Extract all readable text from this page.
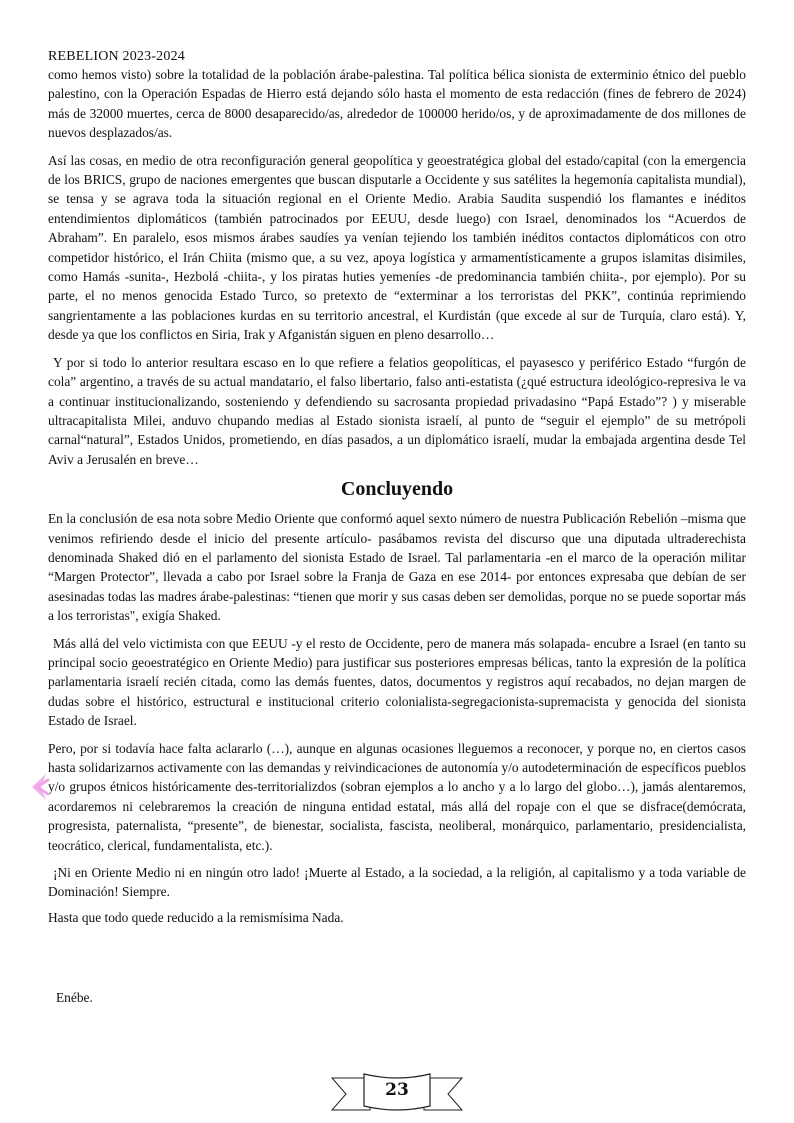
REBELION 2023-2024

como hemos visto) sobre la totalidad de la población árabe-palestina. Tal política bélica sionista de exterminio étnico del pueblo palestino, con la Operación Espadas de Hierro está dejando sólo hasta el momento de esta redacción (fines de febrero de 2024) más de 32000 muertes, cerca de 8000 desaparecido/as, alrededor de 100000 herido/os, y de aproximadamente de dos millones de nuevos desplazados/as.

Así las cosas, en medio de otra reconfiguración general geopolítica y geoestratégica global del estado/capital (con la emergencia de los BRICS, grupo de naciones emergentes que buscan disputarle a Occidente y sus satélites la hegemonía capitalista mundial), se tensa y se agrava toda la situación regional en el Oriente Medio. Arabia Saudita suspendió los flamantes e inéditos entendimientos diplomáticos (también patrocinados por EEUU, desde luego) con Israel, denominados los “Acuerdos de Abraham”. En paralelo, esos mismos árabes saudíes ya venían tejiendo los también inéditos contactos diplomáticos con otro competidor histórico, el Irán Chiita (mismo que, a su vez, apoya logística y armamentísticamente a grupos islamitas disimiles, como Hamás -sunita-, Hezbolá -chiita-, y los piratas huties yemeníes -de predominancia también chiita-, por ejemplo). Por su parte, el no menos genocida Estado Turco, so pretexto de “exterminar a los terroristas del PKK”, continúa reprimiendo sangrientamente a las poblaciones kurdas en su territorio ancestral, el Kurdistán (que excede al sur de Turquía, claro está). Y, desde ya que los conflictos en Siria, Irak y Afganistán siguen en pleno desarrollo…

Y por si todo lo anterior resultara escaso en lo que refiere a felatios geopolíticas, el payasesco y periférico Estado “furgón de cola” argentino, a través de su actual mandatario, el falso libertario, falso anti-estatista (¿qué estructura ideológico-represiva le va a continuar institucionalizando, sosteniendo y defendiendo su sacrosanta propiedad privadasino “Papá Estado”? ) y miserable ultracapitalista Milei, anduvo chupando medias al Estado sionista israelí, al punto de “seguir el ejemplo” de su metrópoli carnal“natural”, Estados Unidos, prometiendo, en días pasados, a un diplomático israelí, mudar la embajada argentina desde Tel Aviv a Jerusalén en breve…

Concluyendo

En la conclusión de esa nota sobre Medio Oriente que conformó aquel sexto número de nuestra Publicación Rebelión –misma que venimos refiriendo desde el inicio del presente artículo- pasábamos revista del discurso que una diputada ultraderechista denominada Shaked dió en el parlamento del sionista Estado de Israel. Tal parlamentaria -en el marco de la operación militar “Margen Protector”, llevada a cabo por Israel sobre la Franja de Gaza en ese 2014- por entonces expresaba que debían de ser asesinadas todas las madres árabe-palestinas: “tienen que morir y sus casas deben ser demolidas, porque no se puede soportar más a los terroristas", exigía Shaked.

Más allá del velo victimista con que EEUU -y el resto de Occidente, pero de manera más solapada- encubre a Israel (en tanto su principal socio geoestratégico en Oriente Medio) para justificar sus posteriores empresas bélicas, tanto la expresión de la política parlamentaria israelí recién citada, como las demás fuentes, datos, documentos y registros aquí recabados, no dejan margen de dudas sobre el histórico, estructural e institucional criterio colonialista-segregacionista-supremacista y genocida del sionista Estado de Israel.

Pero, por si todavía hace falta aclararlo (…), aunque en algunas ocasiones lleguemos a reconocer, y porque no, en ciertos casos hasta solidarizarnos activamente con las demandas y reivindicaciones de autonomía y/o autodeterminación de específicos pueblos y/o grupos étnicos históricamente des-territorializdos (sobran ejemplos a lo ancho y a lo largo del globo…), jamás alentaremos, acordaremos ni celebraremos la creación de ninguna entidad estatal, más allá del ropaje con el que se disfrace(demócrata, progresista, paternalista, “presente”, de bienestar, socialista, fascista, neoliberal, monárquico, parlamentario, presidencialista, teocrático, clerical, fundamentalista, etc.).

¡Ni en Oriente Medio ni en ningún otro lado! ¡Muerte al Estado, a la sociedad, a la religión, al capitalismo y a toda variable de Dominación! Siempre.

Hasta que todo quede reducido a la remismísima Nada.

Enébe.
23
